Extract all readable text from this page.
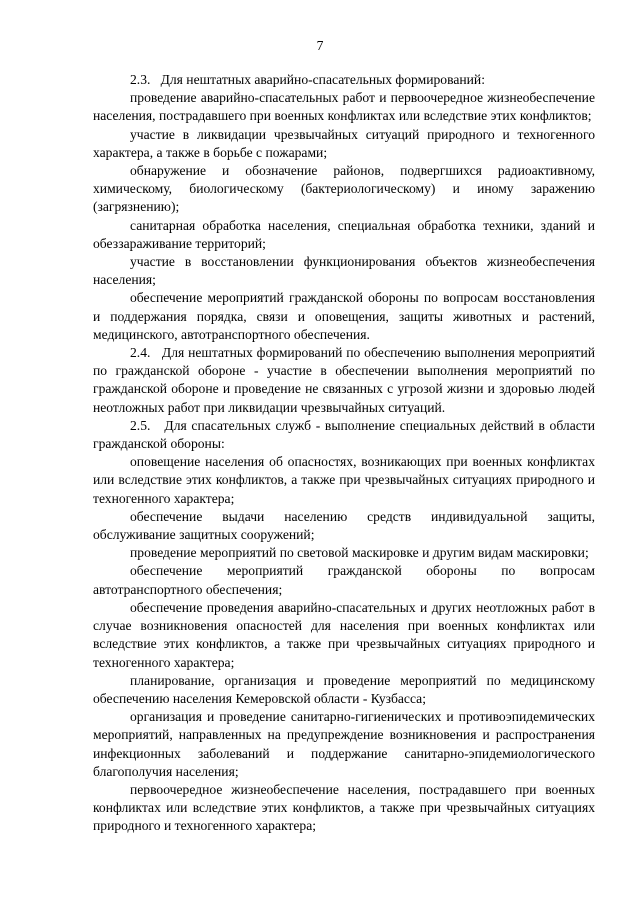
7

2.3.   Для нештатных аварийно-спасательных формирований:

проведение аварийно-спасательных работ и первоочередное жизнеобеспечение населения, пострадавшего при военных конфликтах или вследствие этих конфликтов;

участие в ликвидации чрезвычайных ситуаций природного и техногенного характера, а также в борьбе с пожарами;

обнаружение и обозначение районов, подвергшихся радиоактивному, химическому, биологическому (бактериологическому) и иному заражению (загрязнению);

санитарная обработка населения, специальная обработка техники, зданий и обеззараживание территорий;

участие в восстановлении функционирования объектов жизнеобеспечения населения;

обеспечение мероприятий гражданской обороны по вопросам восстановления и поддержания порядка, связи и оповещения, защиты животных и растений, медицинского, автотранспортного обеспечения.

2.4.   Для нештатных формирований по обеспечению выполнения мероприятий по гражданской обороне - участие в обеспечении выполнения мероприятий по гражданской обороне и проведение не связанных с угрозой жизни и здоровью людей неотложных работ при ликвидации чрезвычайных ситуаций.

2.5.   Для спасательных служб - выполнение специальных действий в области гражданской обороны:

оповещение населения об опасностях, возникающих при военных конфликтах или вследствие этих конфликтов, а также при чрезвычайных ситуациях природного и техногенного характера;

обеспечение выдачи населению средств индивидуальной защиты, обслуживание защитных сооружений;

проведение мероприятий по световой маскировке и другим видам маскировки;

обеспечение мероприятий гражданской обороны по вопросам автотранспортного обеспечения;

обеспечение проведения аварийно-спасательных и других неотложных работ в случае возникновения опасностей для населения при военных конфликтах или вследствие этих конфликтов, а также при чрезвычайных ситуациях природного и техногенного характера;

планирование, организация и проведение мероприятий по медицинскому обеспечению населения Кемеровской области - Кузбасса;

организация и проведение санитарно-гигиенических и противоэпидемических мероприятий, направленных на предупреждение возникновения и распространения инфекционных заболеваний и поддержание санитарно-эпидемиологического благополучия населения;

первоочередное жизнеобеспечение населения, пострадавшего при военных конфликтах или вследствие этих конфликтов, а также при чрезвычайных ситуациях природного и техногенного характера;
